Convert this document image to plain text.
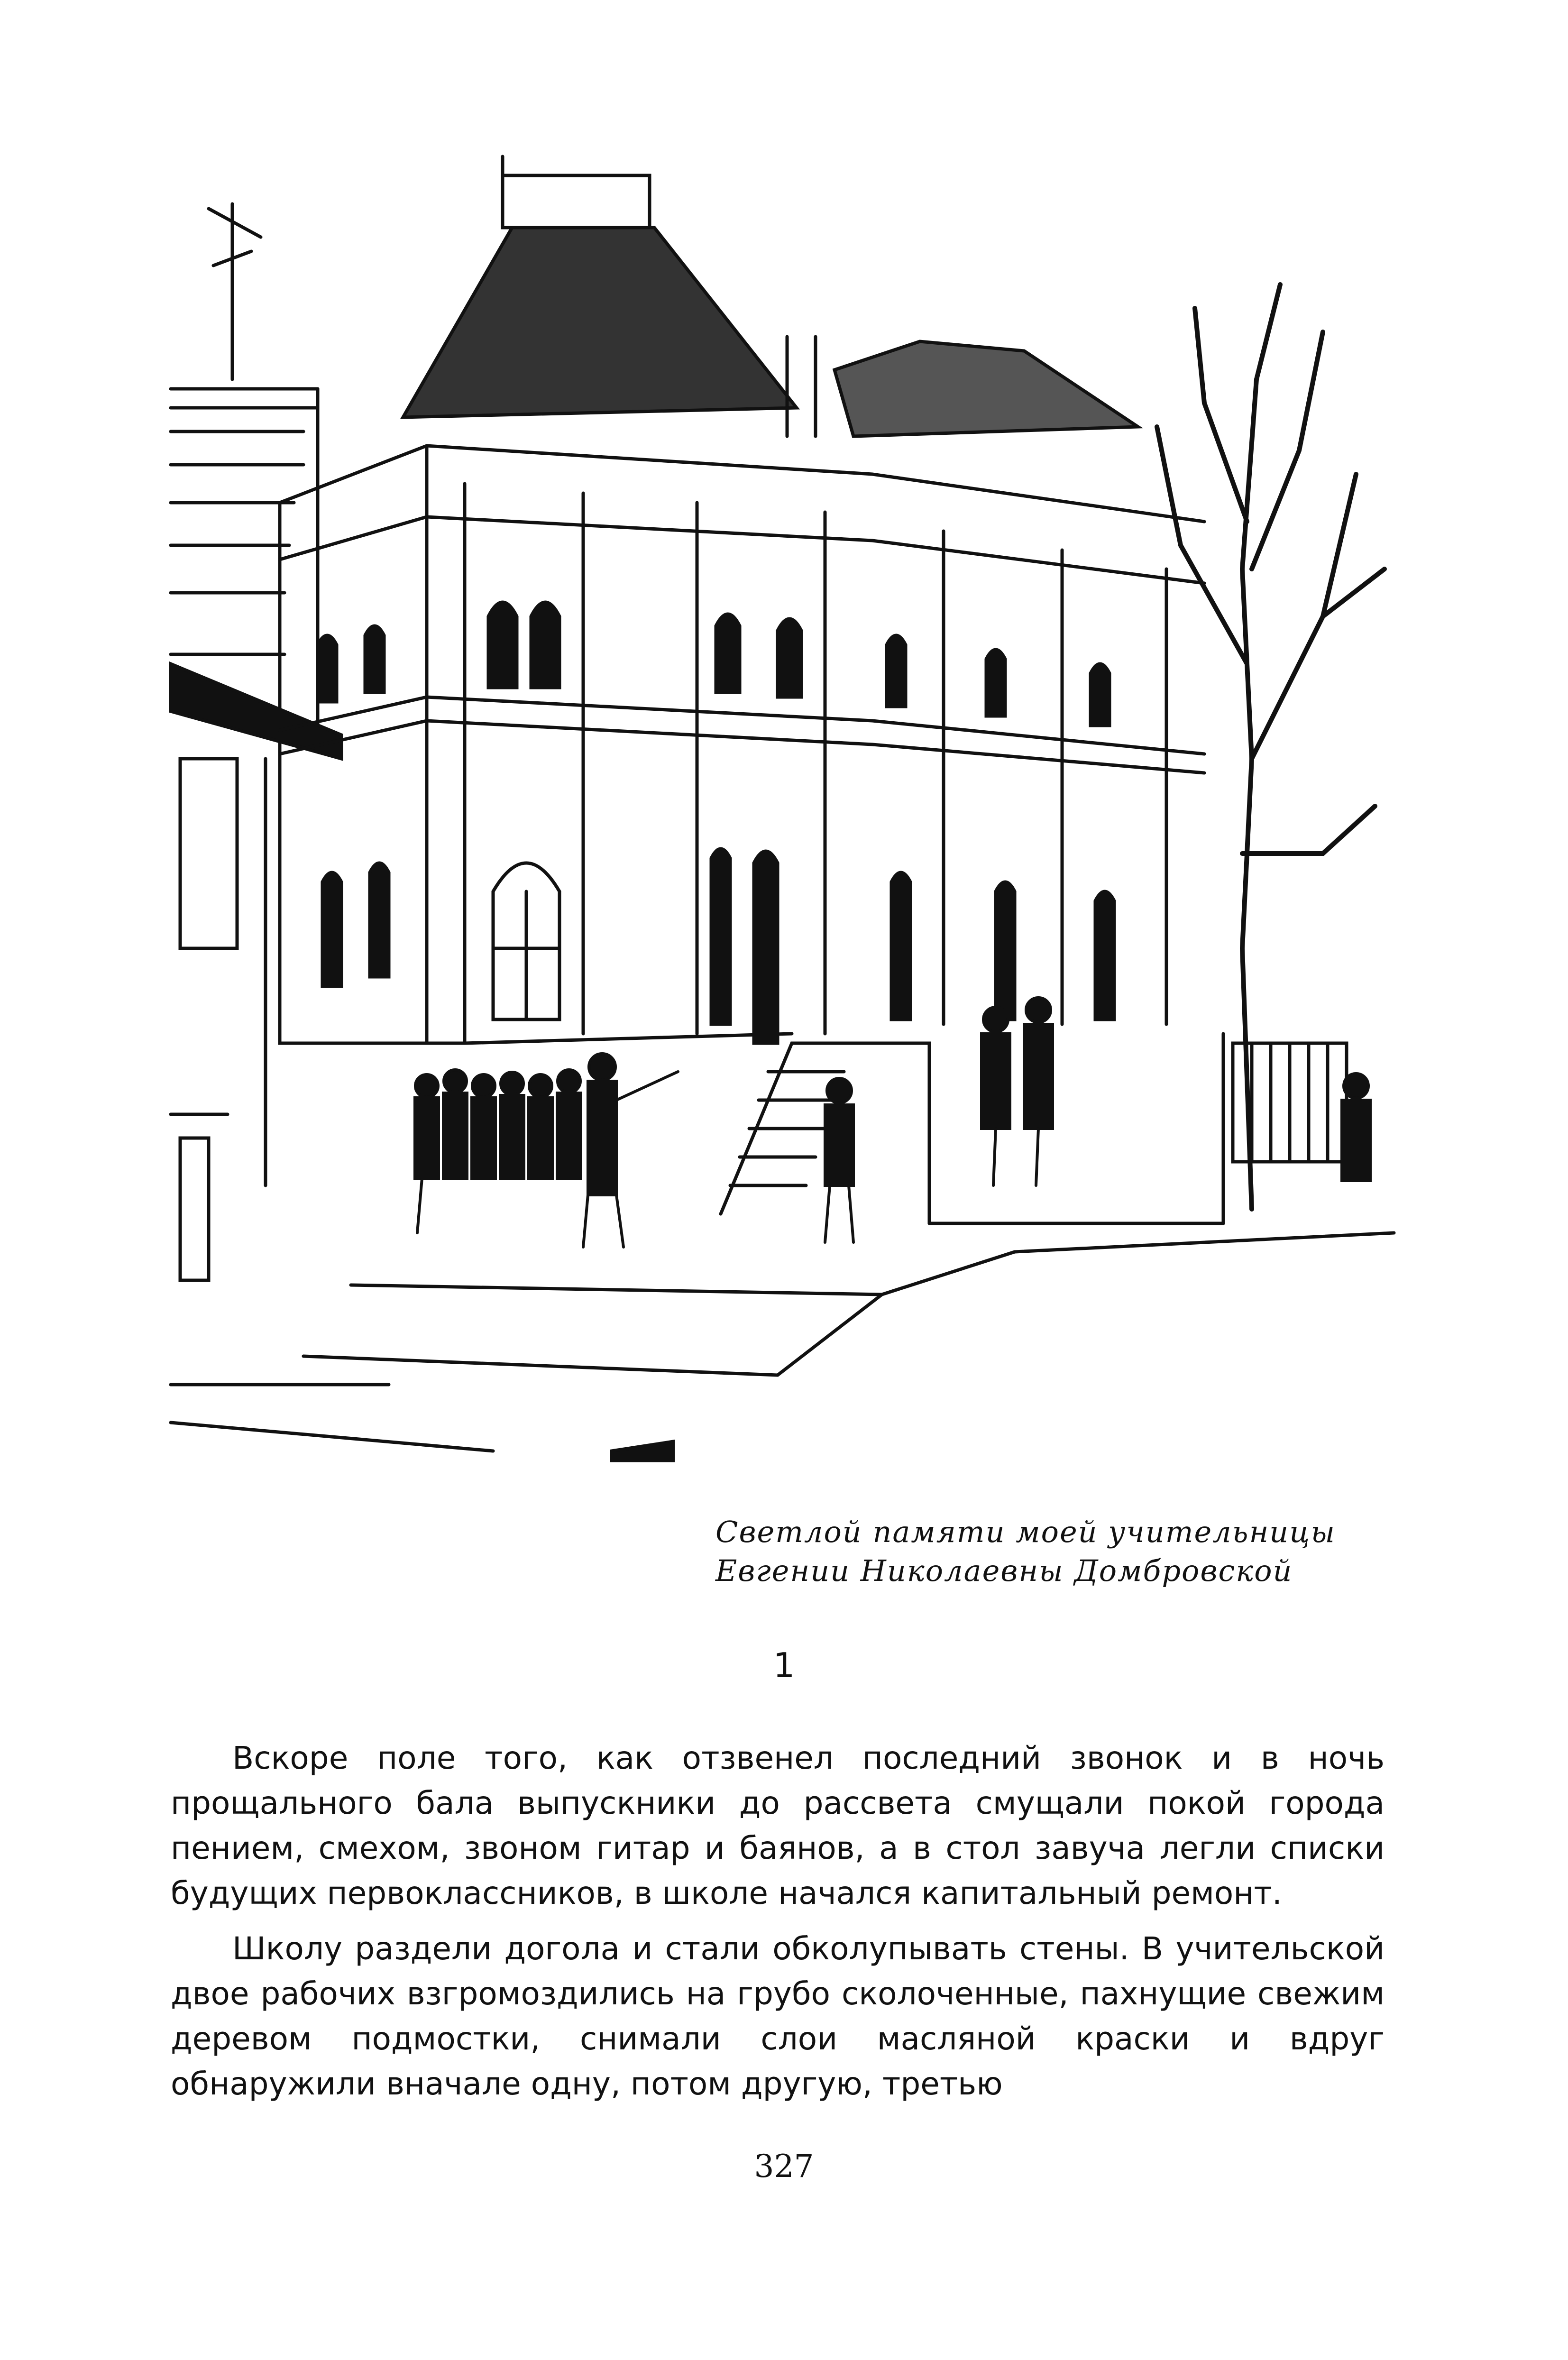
Светлой памяти моей учительницы
Евгении Николаевны Домбровской
1

Вскоре поле того, как отзвенел последний звонок и в ночь прощального бала выпускники до рассвета смущали покой города пением, смехом, звоном гитар и баянов, а в стол завуча легли списки будущих первоклассников, в школе начался капитальный ремонт.

Школу раздели догола и стали обколупывать стены. В учительской двое рабочих взгромоздились на грубо сколоченные, пахнущие свежим деревом подмостки, снимали слои масляной краски и вдруг обнаружили вначале одну, потом другую, третью

327
